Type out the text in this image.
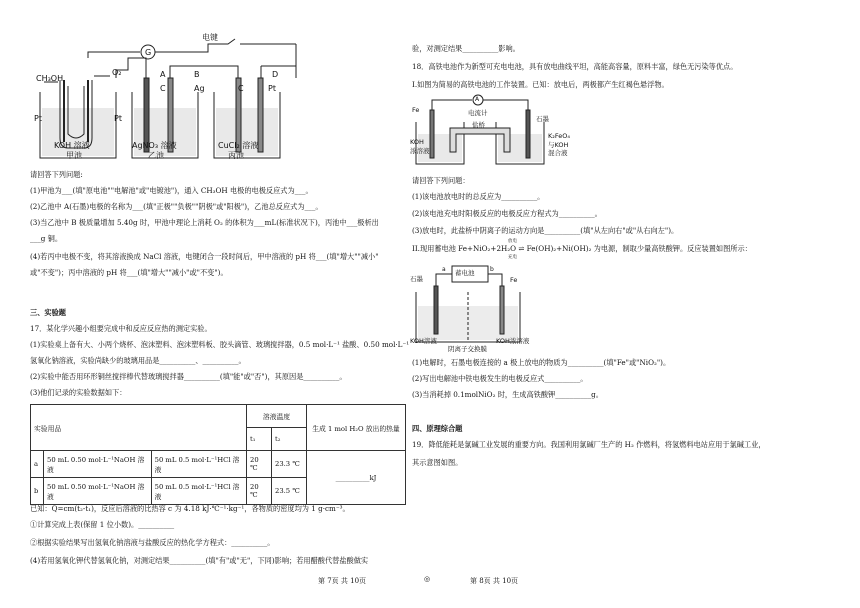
电键
G
CH₃OH
O₂
Pt	Pt
A	B
C	Ag	C
D
Pt
KOH 溶液
甲池
AgNO₃ 溶液
乙池
CuCl₂ 溶液
丙池
请回答下列问题:
(1)甲池为___(填"原电池""电解池"或"电镀池")，通入 CH₃OH 电极的电极反应式为___。
(2)乙池中 A(石墨)电极的名称为___(填"正极""负极""阴极"或"阳极")，乙池总反应式为___。
(3)当乙池中 B 极质量增加 5.40g 时，甲池中理论上消耗 O₂ 的体积为___mL(标准状况下)，丙池中___极析出
___g 铜。
(4)若丙中电极不变，将其溶液换成 NaCl 溶液，电键闭合一段时间后，甲中溶液的 pH 将___(填"增大""减小"
或"不变")；丙中溶液的 pH 将___(填"增大""减小"或"不变")。
三、实验题
17．某化学兴趣小组要完成中和反应反应热的测定实验。
(1)实验桌上备有大、小两个烧杯、泡沫塑料、泡沫塑料板、胶头滴管、玻璃搅拌器，0.5 mol·L⁻¹ 盐酸、0.50 mol·L⁻¹
氢氧化钠溶液，实验尚缺少的玻璃用品是__________、__________。
(2)实验中能否用环形铜丝搅拌棒代替玻璃搅拌器__________(填"能"或"否")，其原因是__________。
(3)他们记录的实验数据如下：
实验用品			溶液温度		生成 1 mol H₂O 放出的热量
			t₁	t₂	
a	50 mL 0.50 mol·L⁻¹NaOH 溶液	50 mL 0.5 mol·L⁻¹HCl 溶液	20 ℃	23.3 ℃	__________kJ
b	50 mL 0.50 mol·L⁻¹NaOH 溶液	50 mL 0.5 mol·L⁻¹HCl 溶液	20 ℃	23.5 ℃	
已知：Q=cm(t₂-t₁)，反应后溶液的比热容 c 为 4.18 kJ·℃⁻¹·kg⁻¹，各物质的密度均为 1 g·cm⁻³。
①计算完成上表(保留 1 位小数)。__________
②根据实验结果写出氢氧化钠溶液与盐酸反应的热化学方程式：__________。
(4)若用氢氧化钾代替氢氧化钠，对测定结果__________(填"有"或"无"，下同)影响；若用醋酸代替盐酸做实
第 7页 共 10页	◎
验，对测定结果__________影响。
18．高铁电池作为新型可充电电池，具有放电曲线平坦，高能高容量，原料丰富，绿色无污染等优点。
I.如图为简易的高铁电池的工作装置。已知：放电后，两极都产生红褐色悬浮物。
A
电流计
盐桥
Fe
石墨
KOH
浓溶液
K₂FeO₄
与KOH
混合液
请回答下列问题：
(1)该电池放电时的总反应为__________。
(2)该电池充电时阳极反应的电极反应方程式为__________。
(3)放电时，此盐桥中阴离子的运动方向是__________(填"从左向右"或"从右向左")。
II.现用蓄电池 Fe+NiO₂+2H₂O ⇌ Fe(OH)₂+Ni(OH)₂ 为电源，制取少量高铁酸钾。反应装置如图所示：
放电
充电
蓄电池
石墨	Fe
a	b
KOH溶液	KOH浓溶液
阴离子交换膜
(1)电解时，石墨电极连接的 a 极上放电的物质为__________(填"Fe"或"NiO₂")。
(2)写出电解池中铁电极发生的电极反应式__________。
(3)当消耗掉 0.1molNiO₂ 时，生成高铁酸钾__________g。
四、原理综合题
19．降低能耗是氯碱工业发展的重要方向。我国利用氯碱厂生产的 H₂ 作燃料，将氢燃料电站应用于氯碱工业，
其示意图如图。
第 8页 共 10页
